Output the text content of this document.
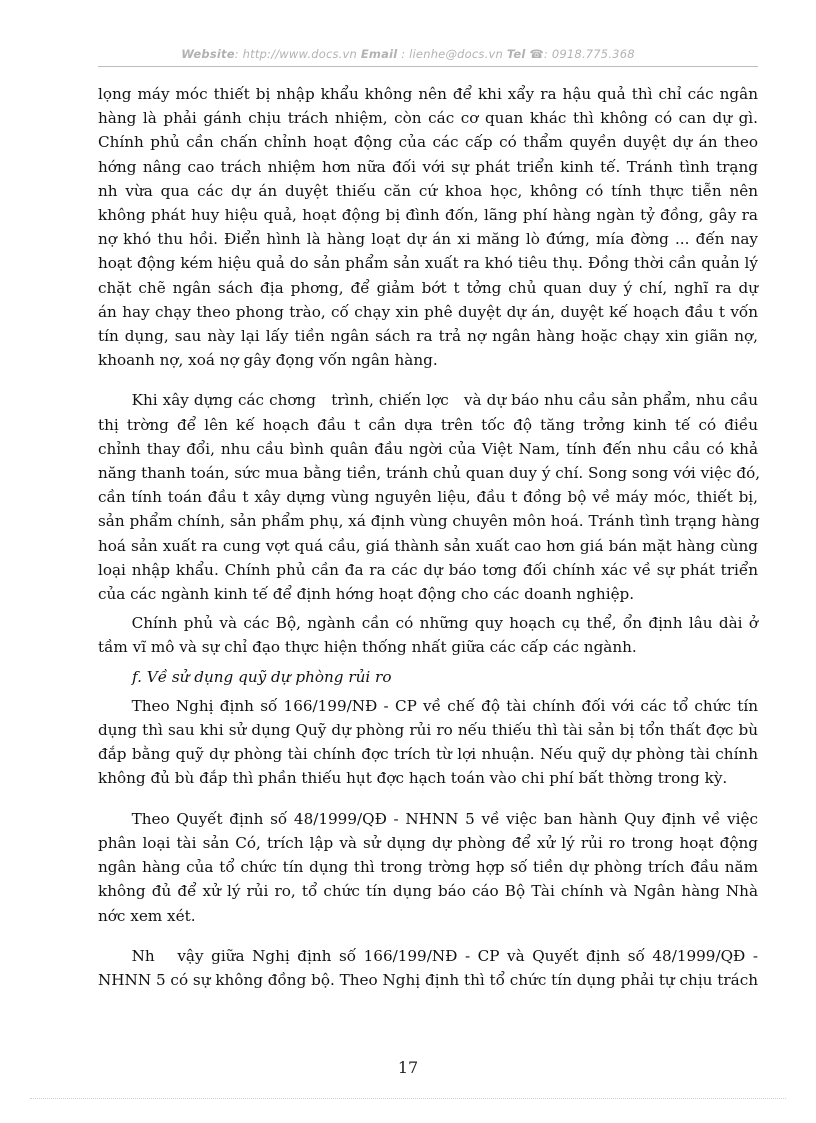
Website: http://www.docs.vn Email : lienhe@docs.vn Tel ☎: 0918.775.368
lọng máy móc thiết bị nhập khẩu không nên để khi xẩy ra hậu quả thì chỉ các ngân
hàng là phải gánh chịu trách nhiệm, còn các cơ quan khác thì không có can dự gì.
Chính phủ cần chấn chỉnh hoạt động của các cấp có thẩm quyền duyệt dự án theo
hớng nâng cao trách nhiệm hơn nữa đối với sự phát triển kinh tế. Tránh tình trạng
nh vừa qua các dự án duyệt thiếu căn cứ khoa học, không có tính thực tiễn nên
không phát huy hiệu quả, hoạt động bị đình đốn, lãng phí hàng ngàn tỷ đồng, gây ra
nợ khó thu hồi. Điển hình là hàng loạt dự án xi măng lò đứng, mía đờng ... đến nay
hoạt động kém hiệu quả do sản phẩm sản xuất ra khó tiêu thụ. Đồng thời cần quản lý
chặt chẽ ngân sách địa phơng, để giảm bớt t tởng chủ quan duy ý chí, nghĩ ra dự
án hay chạy theo phong trào, cố chạy xin phê duyệt dự án, duyệt kế hoạch đầu t vốn
tín dụng, sau này lại lấy tiền ngân sách ra trả nợ ngân hàng hoặc chạy xin giãn nợ,
khoanh nợ, xoá nợ gây đọng vốn ngân hàng.
Khi xây dựng các chơng   trình, chiến lợc   và dự báo nhu cầu sản phẩm, nhu cầu
thị trờng để lên kế hoạch đầu t cần dựa trên tốc độ tăng trởng kinh tế có điều
chỉnh thay đổi, nhu cầu bình quân đầu ngời của Việt Nam, tính đến nhu cầu có khả
năng thanh toán, sức mua bằng tiền, tránh chủ quan duy ý chí. Song song với việc đó,
cần tính toán đầu t xây dựng vùng nguyên liệu, đầu t đồng bộ về máy móc, thiết bị,
sản phẩm chính, sản phẩm phụ, xá định vùng chuyên môn hoá. Tránh tình trạng hàng
hoá sản xuất ra cung vợt quá cầu, giá thành sản xuất cao hơn giá bán mặt hàng cùng
loại nhập khẩu. Chính phủ cần đa ra các dự báo tơng đối chính xác về sự phát triển
của các ngành kinh tế để định hớng hoạt động cho các doanh nghiệp.
Chính phủ và các Bộ, ngành cần có những quy hoạch cụ thể, ổn định lâu dài ở
tầm vĩ mô và sự chỉ đạo thực hiện thống nhất giữa các cấp các ngành.
f. Về sử dụng quỹ dự phòng rủi ro
Theo Nghị định số 166/199/NĐ - CP về chế độ tài chính đối với các tổ chức tín
dụng thì sau khi sử dụng Quỹ dự phòng rủi ro nếu thiếu thì tài sản bị tổn thất đợc bù
đắp bằng quỹ dự phòng tài chính đợc trích từ lợi nhuận. Nếu quỹ dự phòng tài chính
không đủ bù đắp thì phần thiếu hụt đợc hạch toán vào chi phí bất thờng trong kỳ.
Theo Quyết định số 48/1999/QĐ - NHNN 5 về việc ban hành Quy định về việc
phân loại tài sản Có, trích lập và sử dụng dự phòng để xử lý rủi ro trong hoạt động
ngân hàng của tổ chức tín dụng thì trong trờng hợp số tiền dự phòng trích đầu năm
không đủ để xử lý rủi ro, tổ chức tín dụng báo cáo Bộ Tài chính và Ngân hàng Nhà
nớc xem xét.
Nh   vậy giữa Nghị định số 166/199/NĐ - CP và Quyết định số 48/1999/QĐ -
NHNN 5 có sự không đồng bộ. Theo Nghị định thì tổ chức tín dụng phải tự chịu trách
17
